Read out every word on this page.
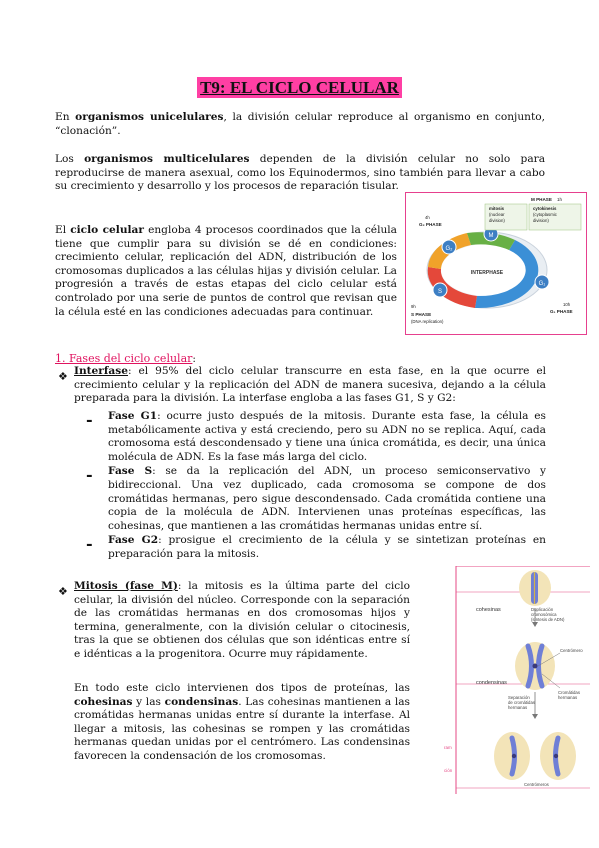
T9: EL CICLO CELULAR

En organismos unicelulares, la división celular reproduce al organismo en conjunto, “clonación”.

Los organismos multicelulares dependen de la división celular no solo para reproducirse de manera asexual, como los Equinodermos, sino también para llevar a cabo su crecimiento y desarrollo y los procesos de reparación tisular.

El ciclo celular engloba 4 procesos coordinados que la célula tiene que cumplir para su división se dé en condiciones: crecimiento celular, replicación del ADN, distribución de los cromosomas duplicados a las células hijas y división celular. La progresión a través de estas etapas del ciclo celular está controlado por una serie de puntos de control que revisan que la célula esté en las condiciones adecuadas para continuar.

G₂
M
G₁
S
INTERPHASE
M PHASE 1h
mitosis
(nuclear
division)
cytokinesis
(cytoplasmic
division)
4h
G₂ PHASE
9h
S PHASE
(DNA replication)
10h
G₁ PHASE

1. Fases del ciclo celular:

❖ Interfase: el 95% del ciclo celular transcurre en esta fase, en la que ocurre el crecimiento celular y la replicación del ADN de manera sucesiva, dejando a la célula preparada para la división. La interfase engloba a las fases G1, S y G2:

- Fase G1: ocurre justo después de la mitosis. Durante esta fase, la célula es metabólicamente activa y está creciendo, pero su ADN no se replica. Aquí, cada cromosoma está descondensado y tiene una única cromátida, es decir, una única molécula de ADN. Es la fase más larga del ciclo.

- Fase S: se da la replicación del ADN, un proceso semiconservativo y bidireccional. Una vez duplicado, cada cromosoma se compone de dos cromátidas hermanas, pero sigue descondensado. Cada cromátida contiene una copia de la molécula de ADN. Intervienen unas proteínas específicas, las cohesinas, que mantienen a las cromátidas hermanas unidas entre sí.

- Fase G2: prosigue el crecimiento de la célula y se sintetizan proteínas en preparación para la mitosis.

❖ Mitosis (fase M): la mitosis es la última parte del ciclo celular, la división del núcleo. Corresponde con la separación de las cromátidas hermanas en dos cromosomas hijos y termina, generalmente, con la división celular o citocinesis, tras la que se obtienen dos células que son idénticas entre sí e idénticas a la progenitora. Ocurre muy rápidamente.

En todo este ciclo intervienen dos tipos de proteínas, las cohesinas y las condensinas. Las cohesinas mantienen a las cromátidas hermanas unidas entre sí durante la interfase. Al llegar a mitosis, las cohesinas se rompen y las cromátidas hermanas quedan unidas por el centrómero. Las condensinas favorecen la condensación de los cromosomas.

ram
ción
cohesinas
condensinas
Duplicación
cromosómica
(síntesis de ADN)
Centrómero
Cromátidas
hermanas
Separación
de cromátidas
hermanas
Centrómeros
